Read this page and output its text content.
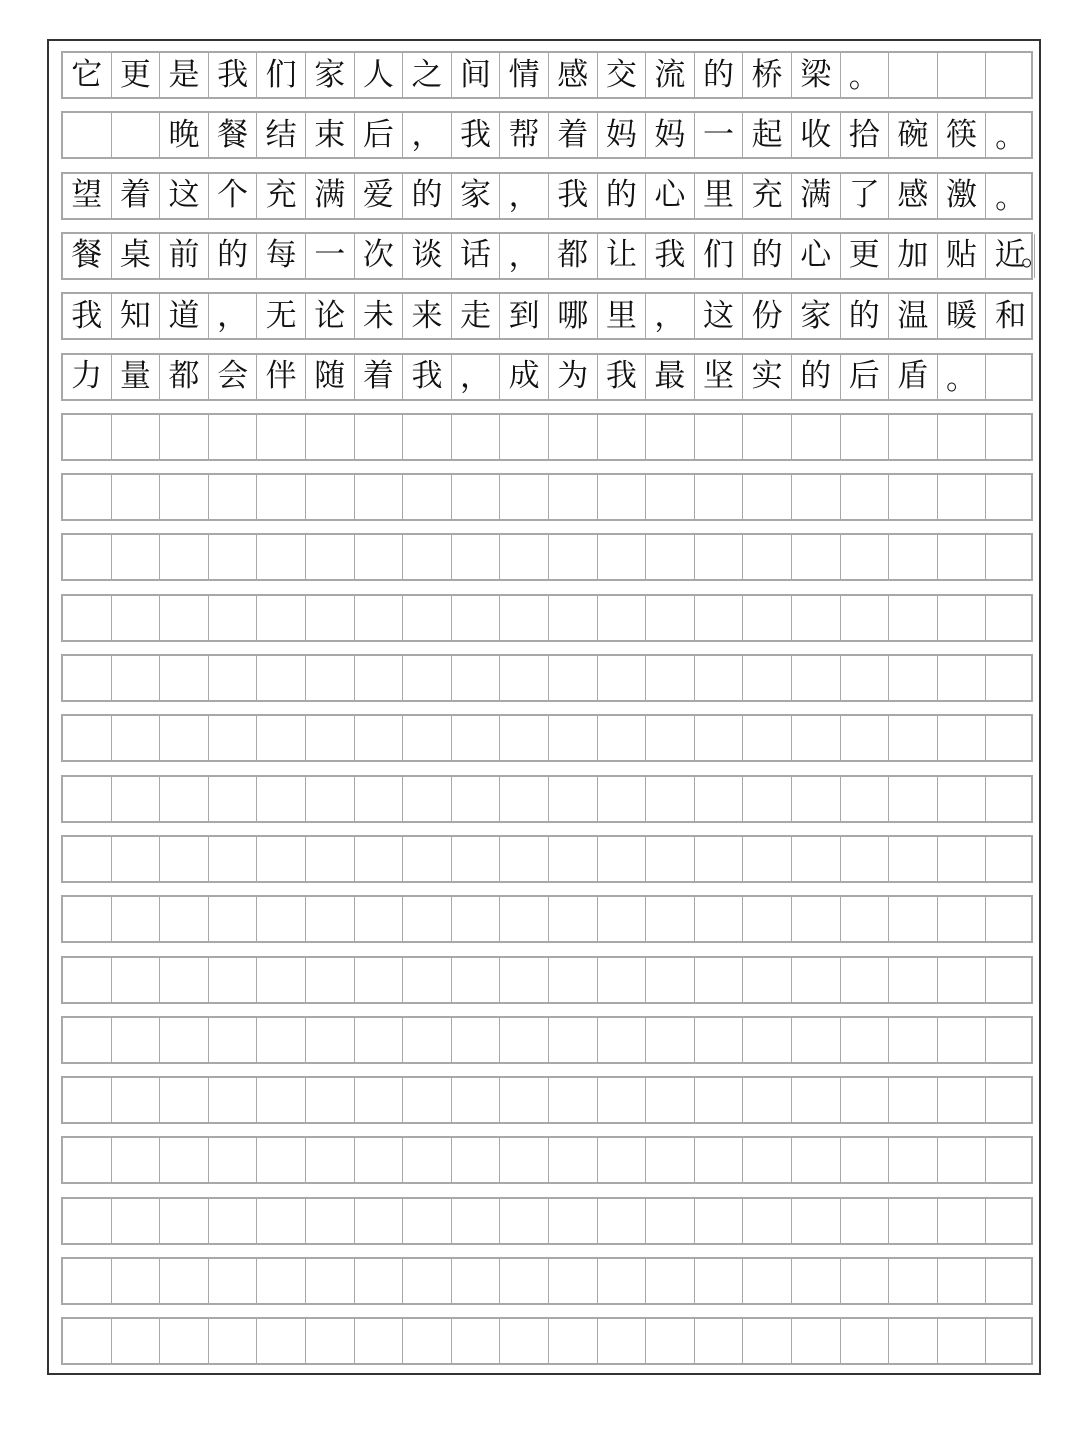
它 更 是 我 们 家 人 之 间 情 感 交 流 的 桥 梁 。
晚 餐 结 束 后 ， 我 帮 着 妈 妈 一 起 收 拾 碗 筷 。
望 着 这 个 充 满 爱 的 家 ， 我 的 心 里 充 满 了 感 激 。
餐 桌 前 的 每 一 次 谈 话 ， 都 让 我 们 的 心 更 加 贴 近
。
我 知 道 ， 无 论 未 来 走 到 哪 里 ， 这 份 家 的 温 暖 和
力 量 都 会 伴 随 着 我 ， 成 为 我 最 坚 实 的 后 盾 。
